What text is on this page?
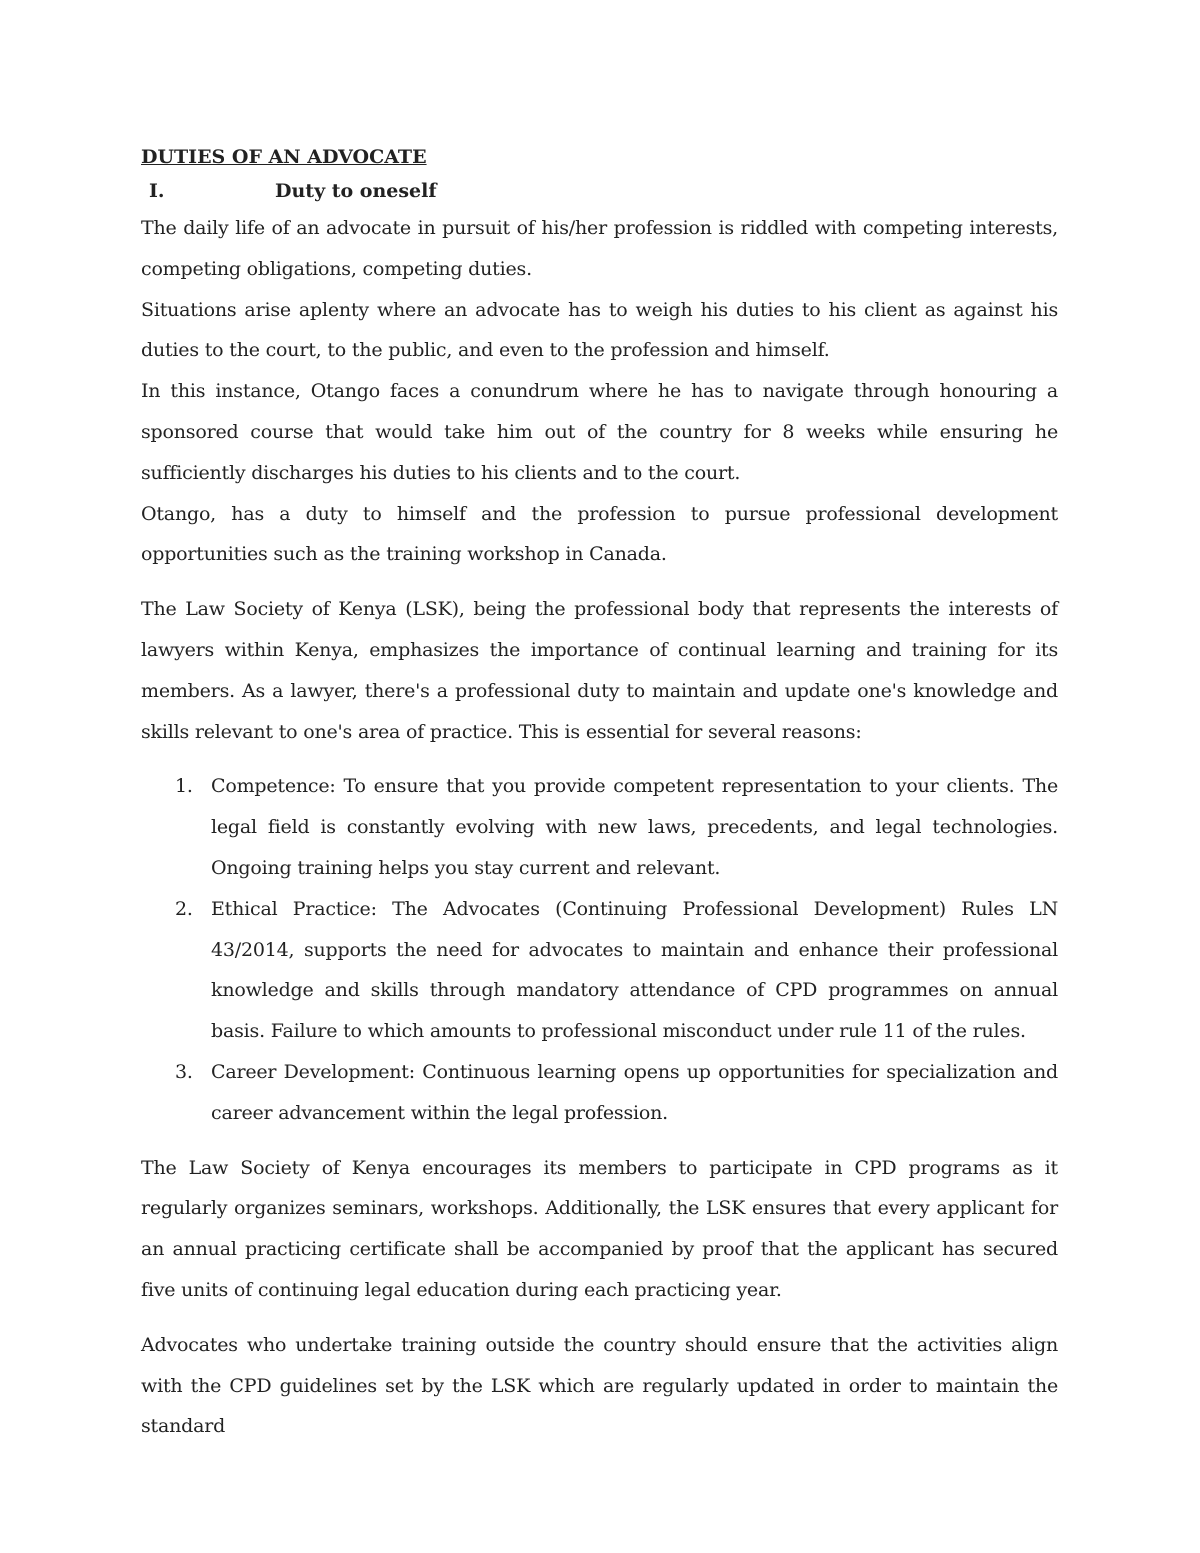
DUTIES OF AN ADVOCATE

I.	Duty to oneself

The daily life of an advocate in pursuit of his/her profession is riddled with competing interests, competing obligations, competing duties.

Situations arise aplenty where an advocate has to weigh his duties to his client as against his duties to the court, to the public, and even to the profession and himself.

In this instance, Otango faces a conundrum where he has to navigate through honouring a sponsored course that would take him out of the country for 8 weeks while ensuring he sufficiently discharges his duties to his clients and to the court.

Otango, has a duty to himself and the profession to pursue professional development opportunities such as the training workshop in Canada.

The Law Society of Kenya (LSK), being the professional body that represents the interests of lawyers within Kenya, emphasizes the importance of continual learning and training for its members. As a lawyer, there's a professional duty to maintain and update one's knowledge and skills relevant to one's area of practice. This is essential for several reasons:

1. Competence: To ensure that you provide competent representation to your clients. The legal field is constantly evolving with new laws, precedents, and legal technologies. Ongoing training helps you stay current and relevant.
2. Ethical Practice: The Advocates (Continuing Professional Development) Rules LN 43/2014, supports the need for advocates to maintain and enhance their professional knowledge and skills through mandatory attendance of CPD programmes on annual basis. Failure to which amounts to professional misconduct under rule 11 of the rules.
3. Career Development: Continuous learning opens up opportunities for specialization and career advancement within the legal profession.

The Law Society of Kenya encourages its members to participate in CPD programs as it regularly organizes seminars, workshops. Additionally, the LSK ensures that every applicant for an annual practicing certificate shall be accompanied by proof that the applicant has secured five units of continuing legal education during each practicing year.

Advocates who undertake training outside the country should ensure that the activities align with the CPD guidelines set by the LSK which are regularly updated in order to maintain the standard
